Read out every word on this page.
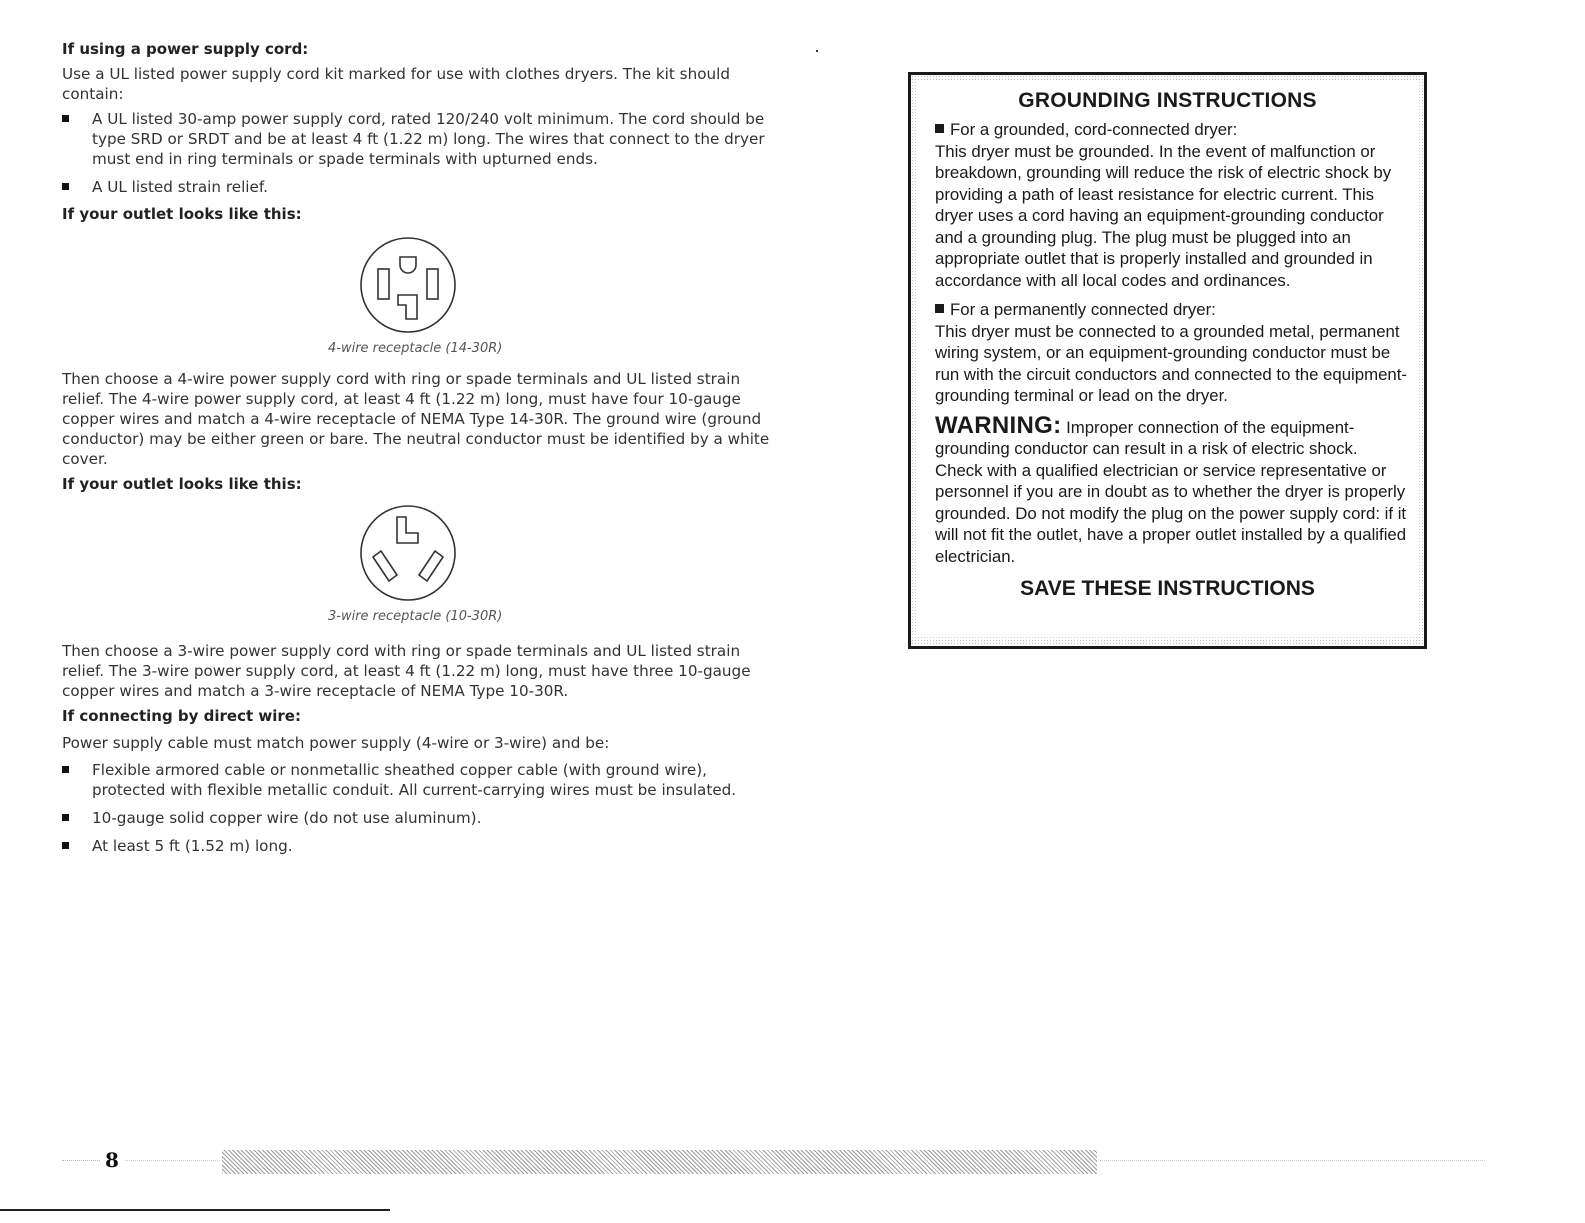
If using a power supply cord:

Use a UL listed power supply cord kit marked for use with clothes dryers. The kit should contain:

A UL listed 30-amp power supply cord, rated 120/240 volt minimum. The cord should be type SRD or SRDT and be at least 4 ft (1.22 m) long. The wires that connect to the dryer must end in ring terminals or spade terminals with upturned ends.
A UL listed strain relief.

If your outlet looks like this:

4-wire receptacle (14-30R)

Then choose a 4-wire power supply cord with ring or spade terminals and UL listed strain relief. The 4-wire power supply cord, at least 4 ft (1.22 m) long, must have four 10-gauge copper wires and match a 4-wire receptacle of NEMA Type 14-30R. The ground wire (ground conductor) may be either green or bare. The neutral conductor must be identified by a white cover.

If your outlet looks like this:

3-wire receptacle (10-30R)

Then choose a 3-wire power supply cord with ring or spade terminals and UL listed strain relief. The 3-wire power supply cord, at least 4 ft (1.22 m) long, must have three 10-gauge copper wires and match a 3-wire receptacle of NEMA Type 10-30R.

If connecting by direct wire:

Power supply cable must match power supply (4-wire or 3-wire) and be:

Flexible armored cable or nonmetallic sheathed copper cable (with ground wire), protected with flexible metallic conduit. All current-carrying wires must be insulated.
10-gauge solid copper wire (do not use aluminum).
At least 5 ft (1.52 m) long.
GROUNDING INSTRUCTIONS

For a grounded, cord-connected dryer:
This dryer must be grounded. In the event of malfunction or breakdown, grounding will reduce the risk of electric shock by providing a path of least resistance for electric current. This dryer uses a cord having an equipment-grounding conductor and a grounding plug. The plug must be plugged into an appropriate outlet that is properly installed and grounded in accordance with all local codes and ordinances.

For a permanently connected dryer:
This dryer must be connected to a grounded metal, permanent wiring system, or an equipment-grounding conductor must be run with the circuit conductors and connected to the equipment-grounding terminal or lead on the dryer.

WARNING: Improper connection of the equipment-grounding conductor can result in a risk of electric shock. Check with a qualified electrician or service representative or personnel if you are in doubt as to whether the dryer is properly grounded. Do not modify the plug on the power supply cord: if it will not fit the outlet, have a proper outlet installed by a qualified electrician.

SAVE THESE INSTRUCTIONS
8
